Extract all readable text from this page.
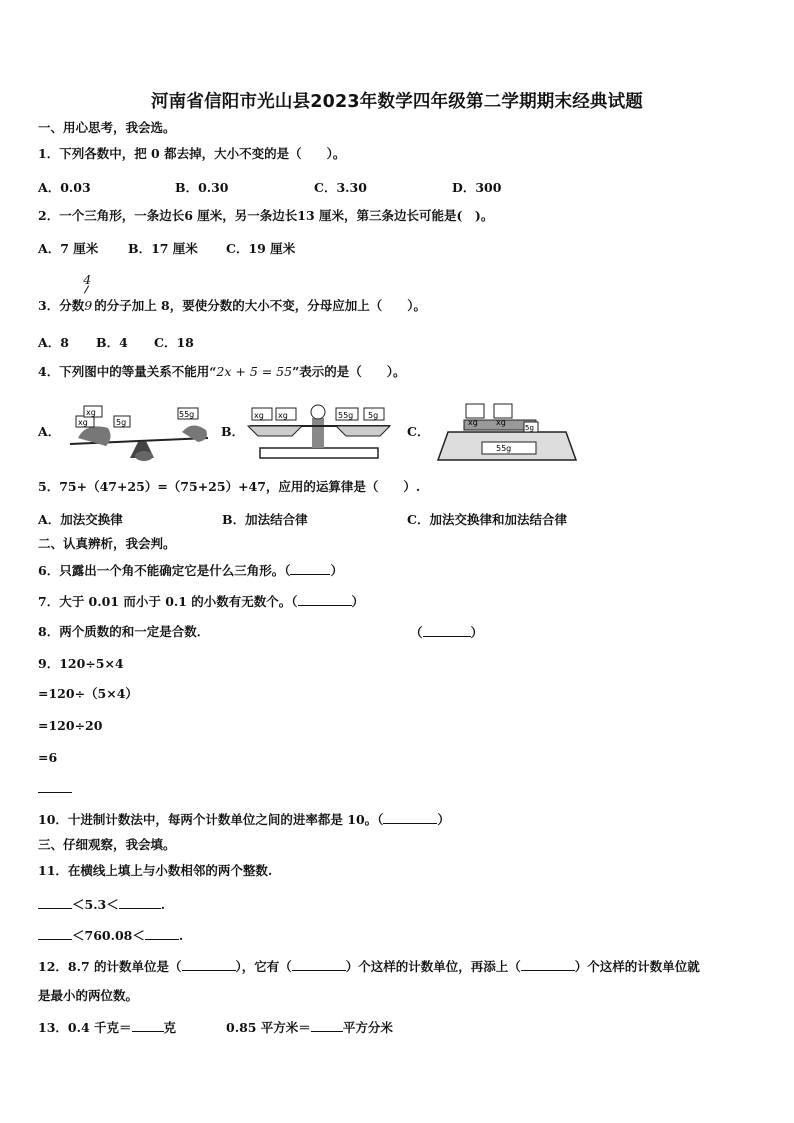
河南省信阳市光山县2023年数学四年级第二学期期末经典试题
一、用心思考，我会选。
1．下列各数中，把 0 都去掉，大小不变的是（　　）。
A．0.03	B．0.30	C．3.30	D．300
2．一个三角形，一条边长6 厘米，另一条边长13 厘米，第三条边长可能是(　)。
A．7 厘米 B．17 厘米 C．19 厘米
3．分数
4
9 的分子加上 8，要使分数的大小不变，分母应加上（　　）。
A．8 B．4 C．18
4．下列图中的等量关系不能用“2x + 5 = 55”表示的是（　　）。
A．
xg
xg
5g
55g
B．
xg xg	55g 5g
C．
55g
xg xg
5g
5．75+（47+25）=（75+25）+47，应用的运算律是（　　）.
A．加法交换律	B．加法结合律	C．加法交换律和加法结合律
二、认真辨析，我会判。
6．只露出一个角不能确定它是什么三角形。（	）
7．大于 0.01 而小于 0.1 的小数有无数个。（	）
8．两个质数的和一定是合数．	（	）
9．120÷5×4
=120÷（5×4）
=120÷20
=6
10．十进制计数法中，每两个计数单位之间的进率都是 10。（	）
三、仔细观察，我会填。
11．在横线上填上与小数相邻的两个整数.
＜5.3＜	.
＜760.08＜	.
12．8.7 的计数单位是（	），它有（	）个这样的计数单位，再添上（	）个这样的计数单位就
是最小的两位数。
13．0.4 千克＝	克	0.85 平方米＝	平方分米
